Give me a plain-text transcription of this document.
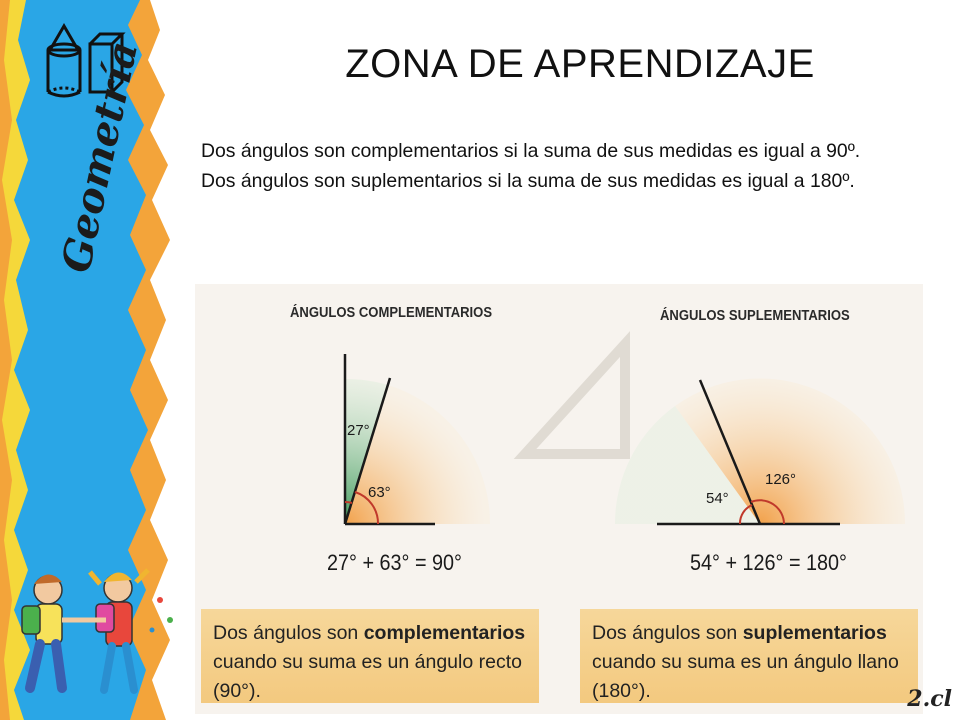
Geometría	ZONA DE APRENDIZAJE

Dos ángulos son complementarios si la suma de sus medidas es igual a 90º.

Dos ángulos son suplementarios si la suma de sus medidas es igual a 180º.

ÁNGULOS COMPLEMENTARIOS	ÁNGULOS SUPLEMENTARIOS
27°
63°	54°
126°
27° + 63° = 90°	54° + 126° = 180°
Dos ángulos son complementarios cuando su suma es un ángulo recto (90°).
Dos ángulos son suplementarios cuando su suma es un ángulo llano (180°).	2.cl
